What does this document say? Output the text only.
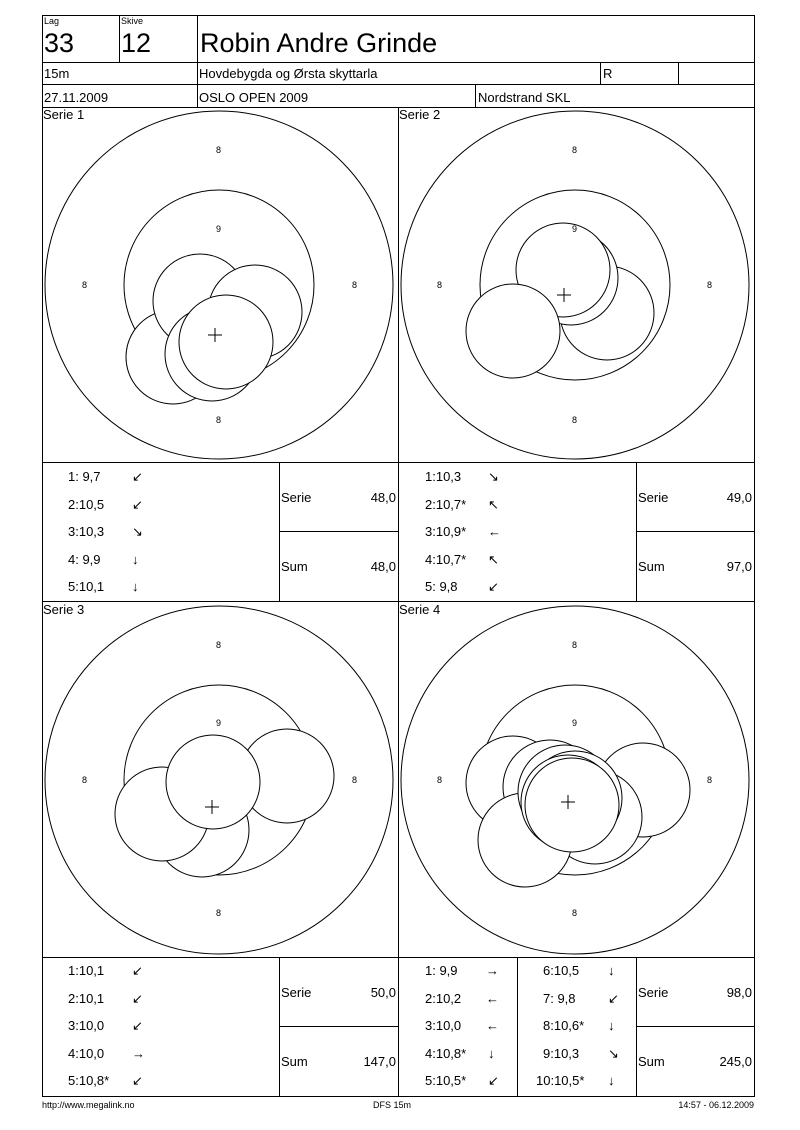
Lag
33
Skive
12 Robin Andre Grinde
15m	Hovdebygda og Ørsta skyttarla	R
27.11.2009	OSLO OPEN 2009	Nordstrand SKL
8
9
8	8
8
8
9
8	8
8
8
9
8	8
8
8
9
8	8
8
Serie 1	Serie 2
Serie 3	Serie 4
1: 9,7 ↙
2:10,5 ↙
3:10,3 ↘
4: 9,9 ↓
5:10,1 ↓
1:10,3 ↘
2:10,7* ↖
3:10,9* ←
4:10,7* ↖
5: 9,8 ↙
1:10,1 ↙
2:10,1 ↙
3:10,0 ↙
4:10,0 →
5:10,8* ↙
1: 9,9 →
2:10,2 ←
3:10,0 ←
4:10,8* ↓
5:10,5* ↙
6:10,5 ↓
7: 9,8 ↙
8:10,6* ↓
9:10,3 ↘
10:10,5* ↓
Serie	48,0
Sum	48,0
Serie	49,0
Sum	97,0
Serie	50,0
Sum	147,0
Serie	98,0
Sum	245,0
http://www.megalink.no	DFS 15m	14:57 - 06.12.2009
